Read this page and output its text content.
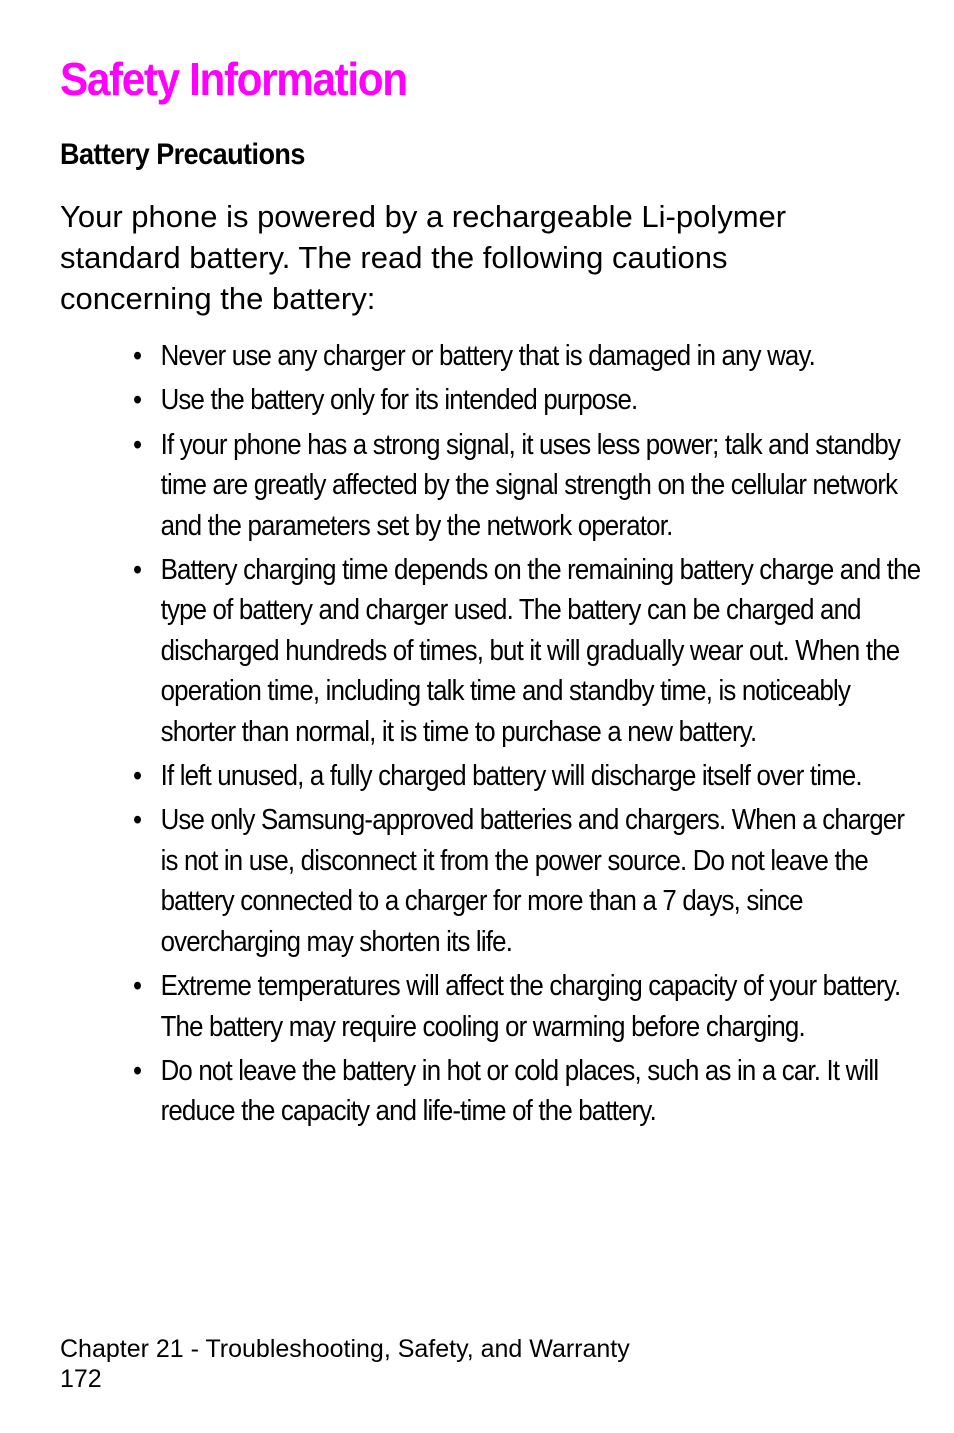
Safety Information
Battery Precautions

Your phone is powered by a rechargeable Li-polymer standard battery. The read the following cautions concerning the battery:

• Never use any charger or battery that is damaged in any way.
• Use the battery only for its intended purpose.
• If your phone has a strong signal, it uses less power; talk and standby time are greatly affected by the signal strength on the cellular network and the parameters set by the network operator.
• Battery charging time depends on the remaining battery charge and the type of battery and charger used. The battery can be charged and discharged hundreds of times, but it will gradually wear out. When the operation time, including talk time and standby time, is noticeably shorter than normal, it is time to purchase a new battery.
• If left unused, a fully charged battery will discharge itself over time.
• Use only Samsung-approved batteries and chargers. When a charger is not in use, disconnect it from the power source. Do not leave the battery connected to a charger for more than a 7 days, since overcharging may shorten its life.
• Extreme temperatures will affect the charging capacity of your battery. The battery may require cooling or warming before charging.
• Do not leave the battery in hot or cold places, such as in a car. It will reduce the capacity and life-time of the battery.
Chapter 21 - Troubleshooting, Safety, and Warranty
172
